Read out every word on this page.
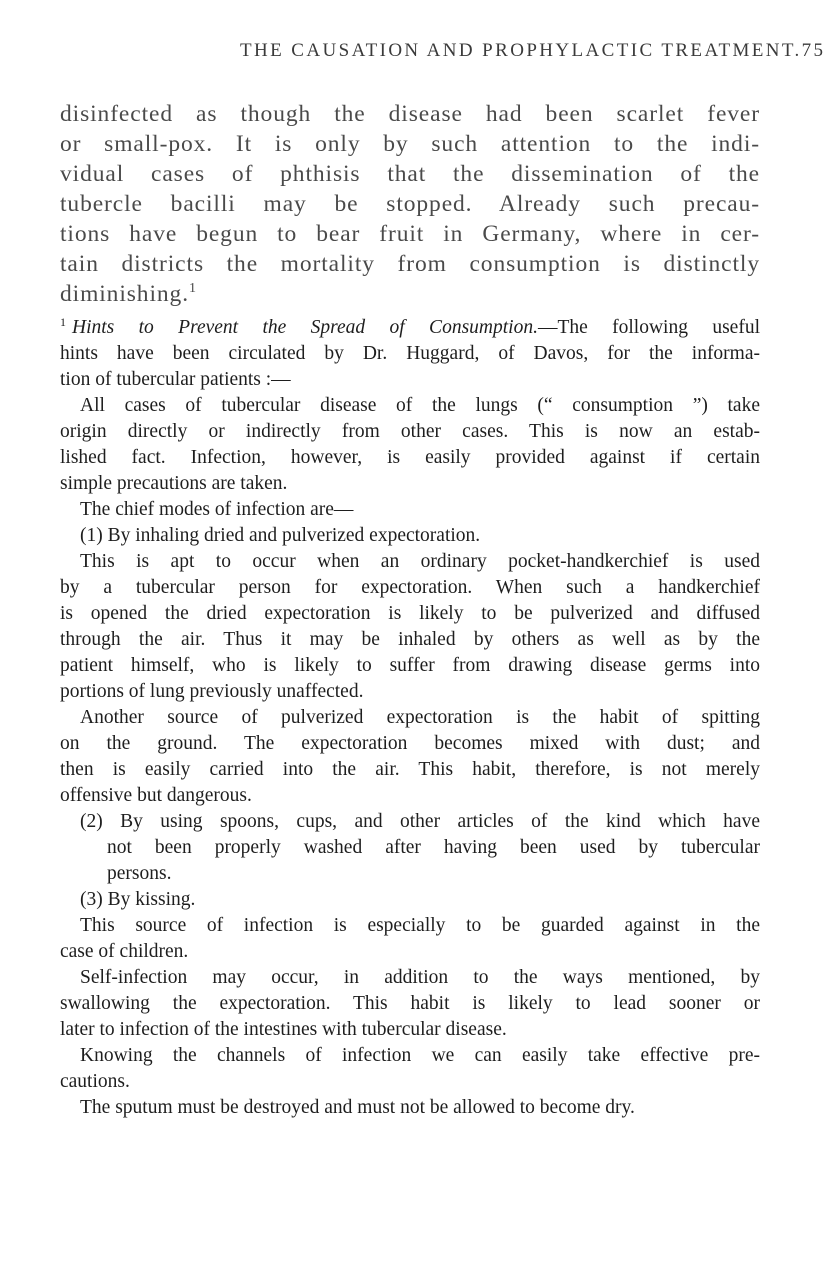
THE CAUSATION AND PROPHYLACTIC TREATMENT. 75
disinfected as though the disease had been scarlet fever
or small-pox. It is only by such attention to the indi-
vidual cases of phthisis that the dissemination of the
tubercle bacilli may be stopped. Already such precau-
tions have begun to bear fruit in Germany, where in cer-
tain districts the mortality from consumption is distinctly
diminishing.$^1$
$^1$ Hints to Prevent the Spread of Consumption.—The following useful
hints have been circulated by Dr. Huggard, of Davos, for the informa-
tion of tubercular patients :—
All cases of tubercular disease of the lungs (“ consumption ”) take
origin directly or indirectly from other cases. This is now an estab-
lished fact. Infection, however, is easily provided against if certain
simple precautions are taken.
The chief modes of infection are—
(1) By inhaling dried and pulverized expectoration.
This is apt to occur when an ordinary pocket-handkerchief is used
by a tubercular person for expectoration. When such a handkerchief
is opened the dried expectoration is likely to be pulverized and diffused
through the air. Thus it may be inhaled by others as well as by the
patient himself, who is likely to suffer from drawing disease germs into
portions of lung previously unaffected.
Another source of pulverized expectoration is the habit of spitting
on the ground. The expectoration becomes mixed with dust; and
then is easily carried into the air. This habit, therefore, is not merely
offensive but dangerous.
(2) By using spoons, cups, and other articles of the kind which have
not been properly washed after having been used by tubercular
persons.
(3) By kissing.
This source of infection is especially to be guarded against in the
case of children.
Self-infection may occur, in addition to the ways mentioned, by
swallowing the expectoration. This habit is likely to lead sooner or
later to infection of the intestines with tubercular disease.
Knowing the channels of infection we can easily take effective pre-
cautions.
The sputum must be destroyed and must not be allowed to become dry.
